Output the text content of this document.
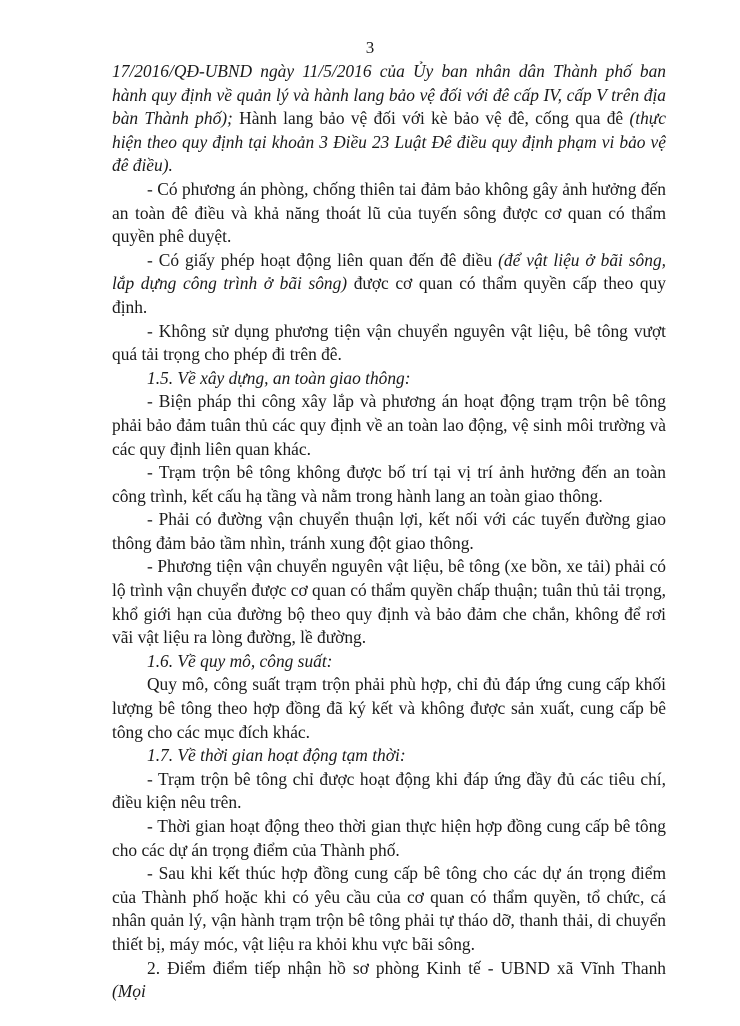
3

17/2016/QĐ-UBND ngày 11/5/2016 của Ủy ban nhân dân Thành phố ban hành quy định về quản lý và hành lang bảo vệ đối với đê cấp IV, cấp V trên địa bàn Thành phố); Hành lang bảo vệ đối với kè bảo vệ đê, cống qua đê (thực hiện theo quy định tại khoản 3 Điều 23 Luật Đê điều quy định phạm vi bảo vệ đê điều).

- Có phương án phòng, chống thiên tai đảm bảo không gây ảnh hưởng đến an toàn đê điều và khả năng thoát lũ của tuyến sông được cơ quan có thẩm quyền phê duyệt.

- Có giấy phép hoạt động liên quan đến đê điều (để vật liệu ở bãi sông, lắp dựng công trình ở bãi sông) được cơ quan có thẩm quyền cấp theo quy định.

- Không sử dụng phương tiện vận chuyển nguyên vật liệu, bê tông vượt quá tải trọng cho phép đi trên đê.

1.5. Về xây dựng, an toàn giao thông:

- Biện pháp thi công xây lắp và phương án hoạt động trạm trộn bê tông phải bảo đảm tuân thủ các quy định về an toàn lao động, vệ sinh môi trường và các quy định liên quan khác.

- Trạm trộn bê tông không được bố trí tại vị trí ảnh hưởng đến an toàn công trình, kết cấu hạ tầng và nằm trong hành lang an toàn giao thông.

- Phải có đường vận chuyển thuận lợi, kết nối với các tuyến đường giao thông đảm bảo tầm nhìn, tránh xung đột giao thông.

- Phương tiện vận chuyển nguyên vật liệu, bê tông (xe bồn, xe tải) phải có lộ trình vận chuyển được cơ quan có thẩm quyền chấp thuận; tuân thủ tải trọng, khổ giới hạn của đường bộ theo quy định và bảo đảm che chắn, không để rơi vãi vật liệu ra lòng đường, lề đường.

1.6. Về quy mô, công suất:

Quy mô, công suất trạm trộn phải phù hợp, chỉ đủ đáp ứng cung cấp khối lượng bê tông theo hợp đồng đã ký kết và không được sản xuất, cung cấp bê tông cho các mục đích khác.

1.7. Về thời gian hoạt động tạm thời:

- Trạm trộn bê tông chỉ được hoạt động khi đáp ứng đầy đủ các tiêu chí, điều kiện nêu trên.

- Thời gian hoạt động theo thời gian thực hiện hợp đồng cung cấp bê tông cho các dự án trọng điểm của Thành phố.

- Sau khi kết thúc hợp đồng cung cấp bê tông cho các dự án trọng điểm của Thành phố hoặc khi có yêu cầu của cơ quan có thẩm quyền, tổ chức, cá nhân quản lý, vận hành trạm trộn bê tông phải tự tháo dỡ, thanh thải, di chuyển thiết bị, máy móc, vật liệu ra khỏi khu vực bãi sông.

2. Điểm điểm tiếp nhận hồ sơ phòng Kinh tế - UBND xã Vĩnh Thanh (Mọi
